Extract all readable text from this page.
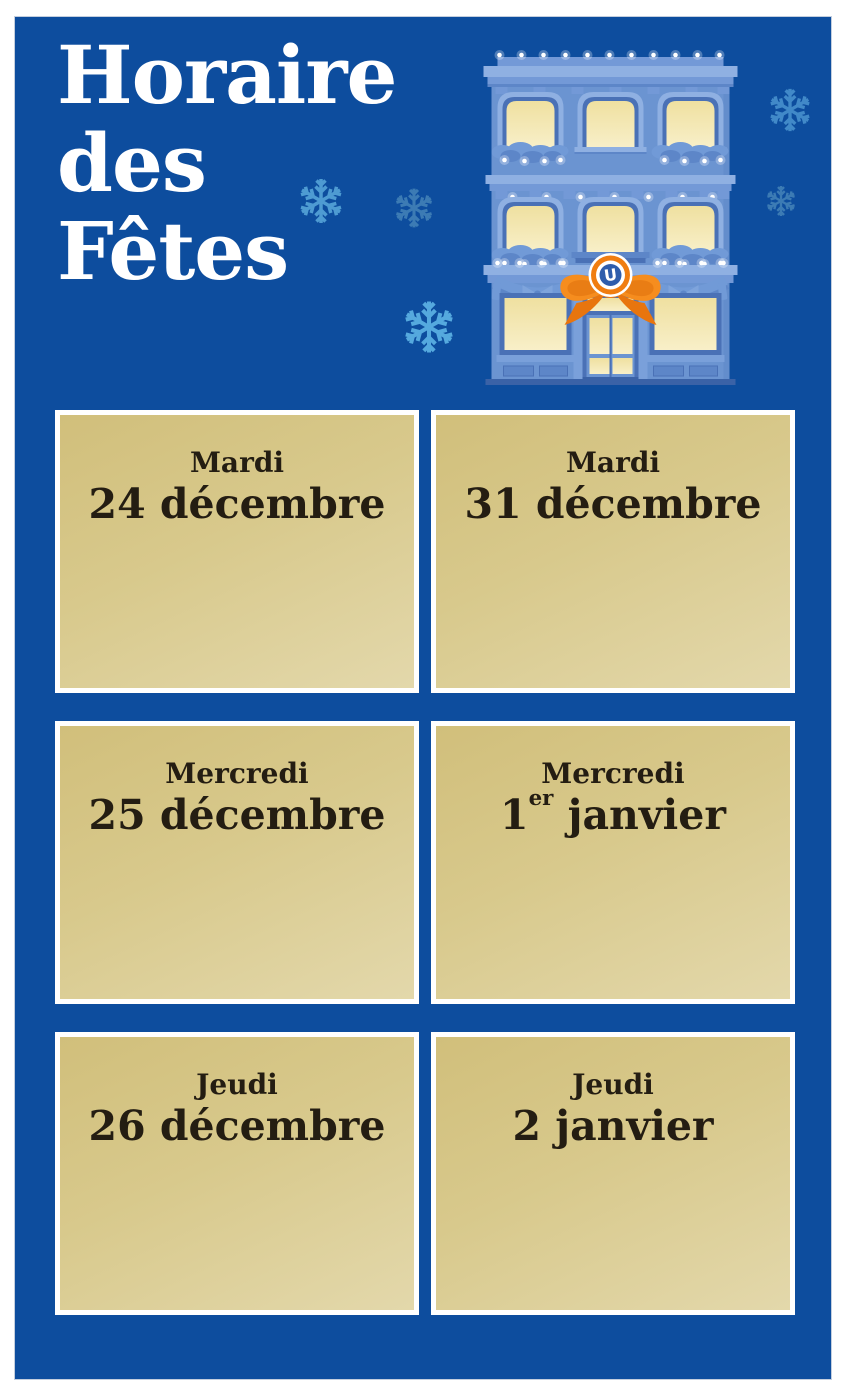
Horaire
des
Fêtes	U
Mardi
24 décembre
Mardi
31 décembre
Mercredi
25 décembre
Mercredi
1er janvier
Jeudi
26 décembre
Jeudi
2 janvier
